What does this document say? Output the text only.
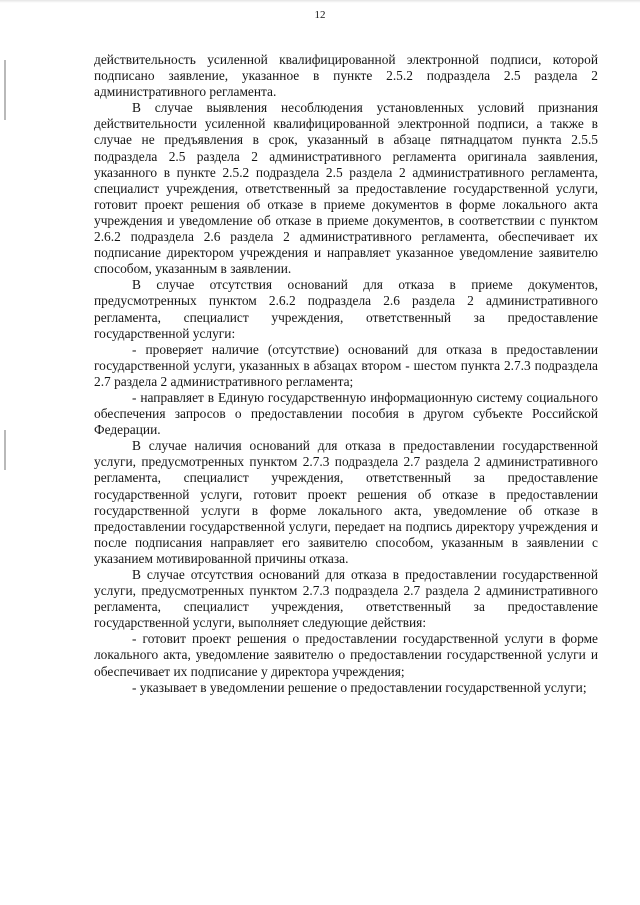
12

действительность усиленной квалифицированной электронной подписи, которой подписано заявление, указанное в пункте 2.5.2 подраздела 2.5 раздела 2 административного регламента.

В случае выявления несоблюдения установленных условий признания действительности усиленной квалифицированной электронной подписи, а также в случае не предъявления в срок, указанный в абзаце пятнадцатом пункта 2.5.5 подраздела 2.5 раздела 2 административного регламента оригинала заявления, указанного в пункте 2.5.2 подраздела 2.5 раздела 2 административного регламента, специалист учреждения, ответственный за предоставление государственной услуги, готовит проект решения об отказе в приеме документов в форме локального акта учреждения и уведомление об отказе в приеме документов, в соответствии с пунктом 2.6.2 подраздела 2.6 раздела 2 административного регламента, обеспечивает их подписание директором учреждения и направляет указанное уведомление заявителю способом, указанным в заявлении.

В случае отсутствия оснований для отказа в приеме документов, предусмотренных пунктом 2.6.2 подраздела 2.6 раздела 2 административного регламента, специалист учреждения, ответственный за предоставление государственной услуги:

- проверяет наличие (отсутствие) оснований для отказа в предоставлении государственной услуги, указанных в абзацах втором - шестом пункта 2.7.3 подраздела 2.7 раздела 2 административного регламента;

- направляет в Единую государственную информационную систему социального обеспечения запросов о предоставлении пособия в другом субъекте Российской Федерации.

В случае наличия оснований для отказа в предоставлении государственной услуги, предусмотренных пунктом 2.7.3 подраздела 2.7 раздела 2 административного регламента, специалист учреждения, ответственный за предоставление государственной услуги, готовит проект решения об отказе в предоставлении государственной услуги в форме локального акта, уведомление об отказе в предоставлении государственной услуги, передает на подпись директору учреждения и после подписания направляет его заявителю способом, указанным в заявлении с указанием мотивированной причины отказа.

В случае отсутствия оснований для отказа в предоставлении государственной услуги, предусмотренных пунктом 2.7.3 подраздела 2.7 раздела 2 административного регламента, специалист учреждения, ответственный за предоставление государственной услуги, выполняет следующие действия:

- готовит проект решения о предоставлении государственной услуги в форме локального акта, уведомление заявителю о предоставлении государственной услуги и обеспечивает их подписание у директора учреждения;

- указывает в уведомлении решение о предоставлении государственной услуги;
